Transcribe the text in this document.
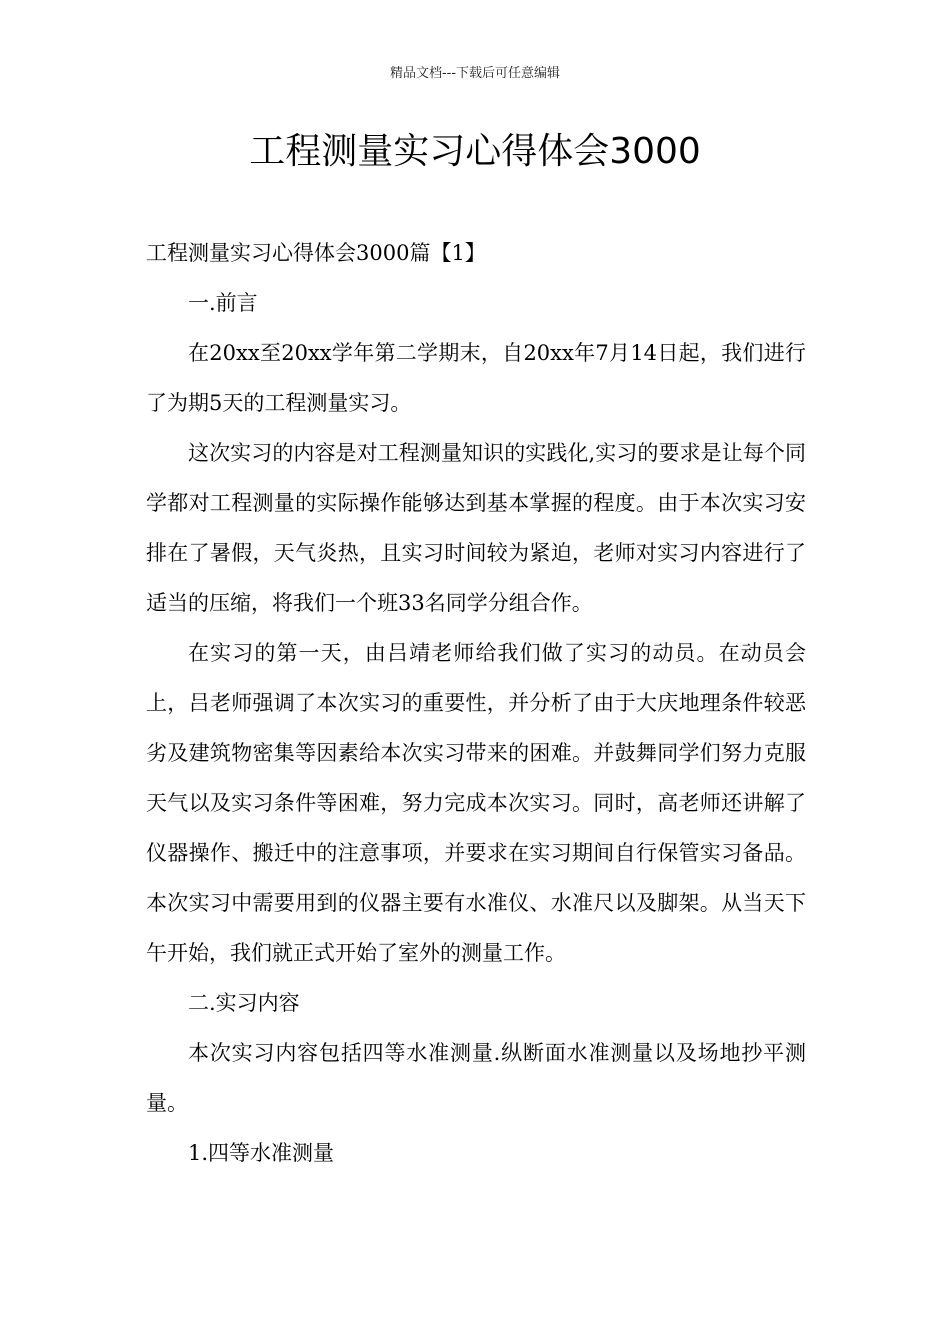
精品文档---下载后可任意编辑
工程测量实习心得体会3000

工程测量实习心得体会3000篇【1】

一.前言

在20xx至20xx学年第二学期末，自20xx年7月14日起，我们进行了为期5天的工程测量实习。

这次实习的内容是对工程测量知识的实践化,实习的要求是让每个同学都对工程测量的实际操作能够达到基本掌握的程度。由于本次实习安排在了暑假，天气炎热，且实习时间较为紧迫，老师对实习内容进行了适当的压缩，将我们一个班33名同学分组合作。

在实习的第一天，由吕靖老师给我们做了实习的动员。在动员会上，吕老师强调了本次实习的重要性，并分析了由于大庆地理条件较恶劣及建筑物密集等因素给本次实习带来的困难。并鼓舞同学们努力克服天气以及实习条件等困难，努力完成本次实习。同时，高老师还讲解了仪器操作、搬迁中的注意事项，并要求在实习期间自行保管实习备品。本次实习中需要用到的仪器主要有水准仪、水准尺以及脚架。从当天下午开始，我们就正式开始了室外的测量工作。

二.实习内容

本次实习内容包括四等水准测量.纵断面水准测量以及场地抄平测量。

1.四等水准测量
